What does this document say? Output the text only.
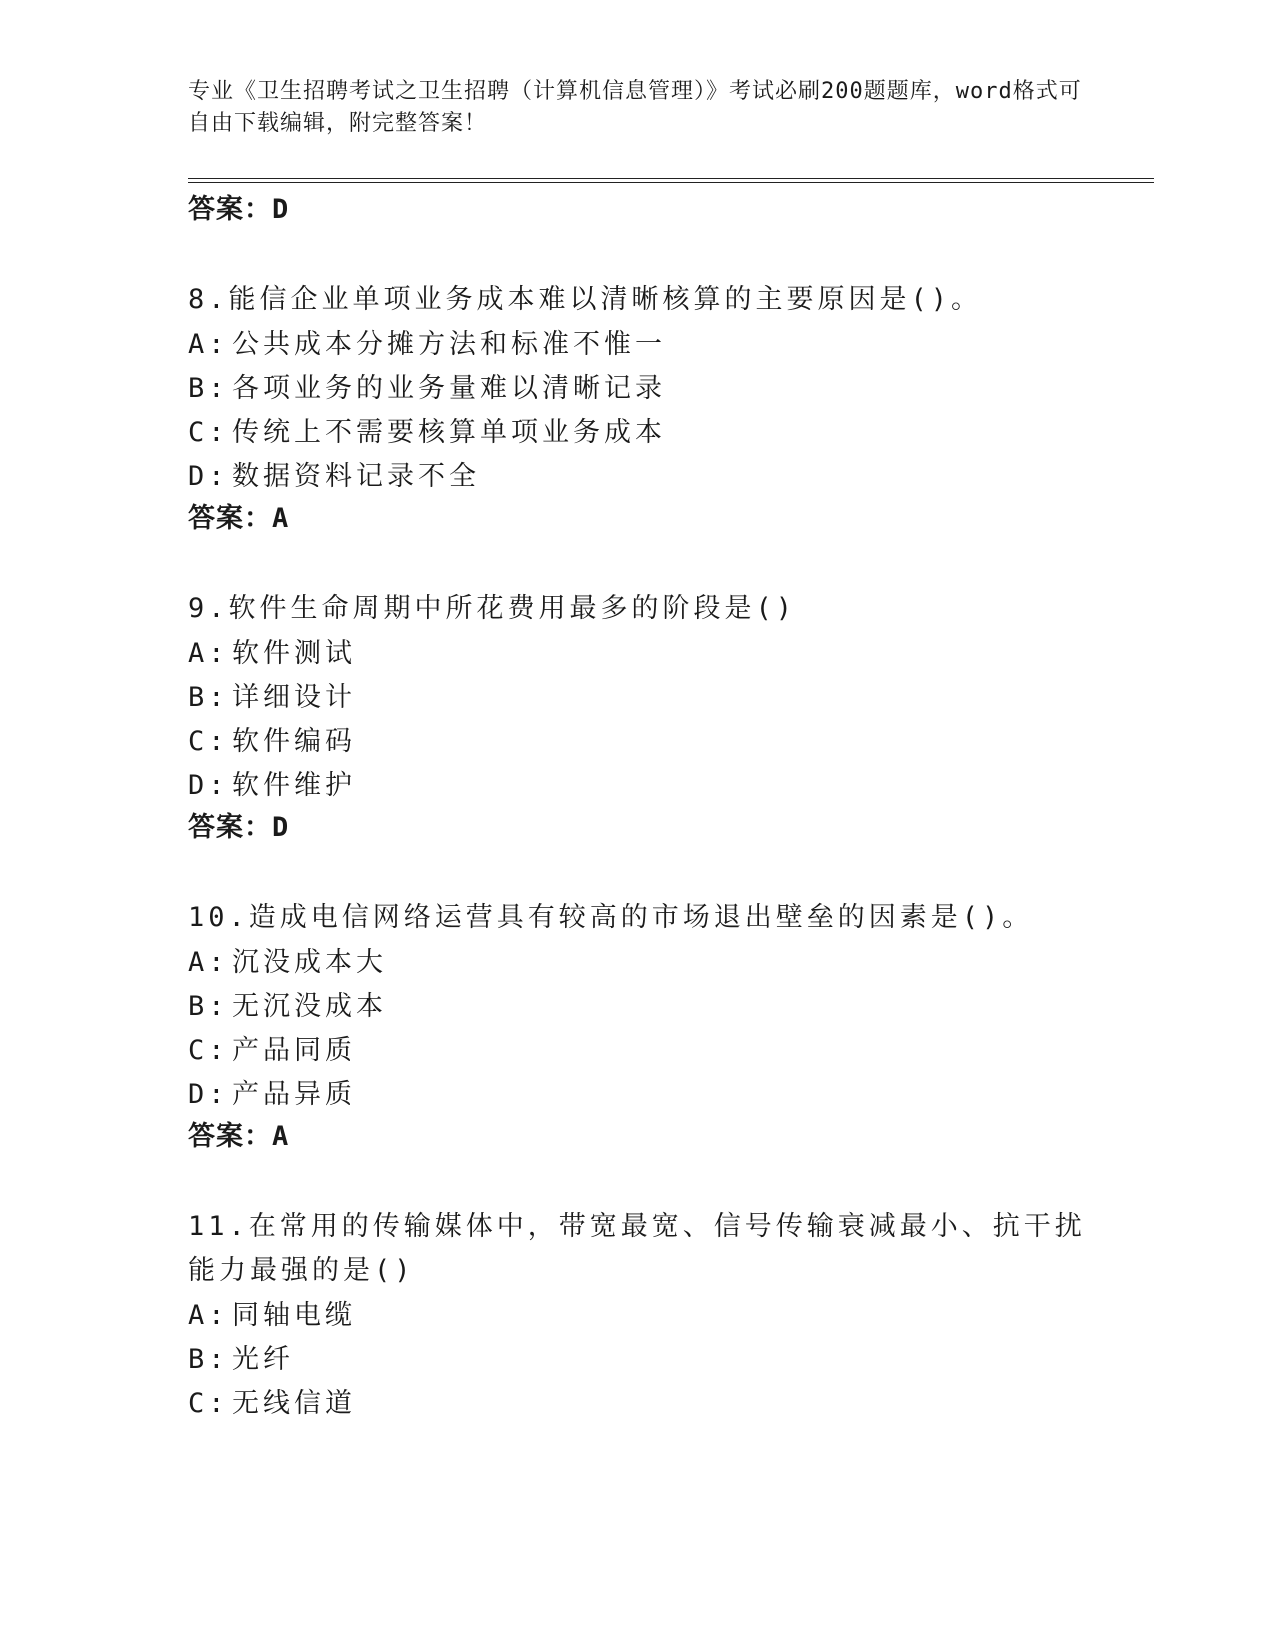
专业《卫生招聘考试之卫生招聘（计算机信息管理）》考试必刷200题题库，word格式可自由下载编辑，附完整答案！
答案：D
8.能信企业单项业务成本难以清晰核算的主要原因是()。
A: 公共成本分摊方法和标准不惟一
B: 各项业务的业务量难以清晰记录
C: 传统上不需要核算单项业务成本
D: 数据资料记录不全
答案：A
9.软件生命周期中所花费用最多的阶段是()
A: 软件测试
B: 详细设计
C: 软件编码
D: 软件维护
答案：D
10.造成电信网络运营具有较高的市场退出壁垒的因素是()。
A: 沉没成本大
B: 无沉没成本
C: 产品同质
D: 产品异质
答案：A
11.在常用的传输媒体中，带宽最宽、信号传输衰减最小、抗干扰能力最强的是()
A: 同轴电缆
B: 光纤
C: 无线信道
